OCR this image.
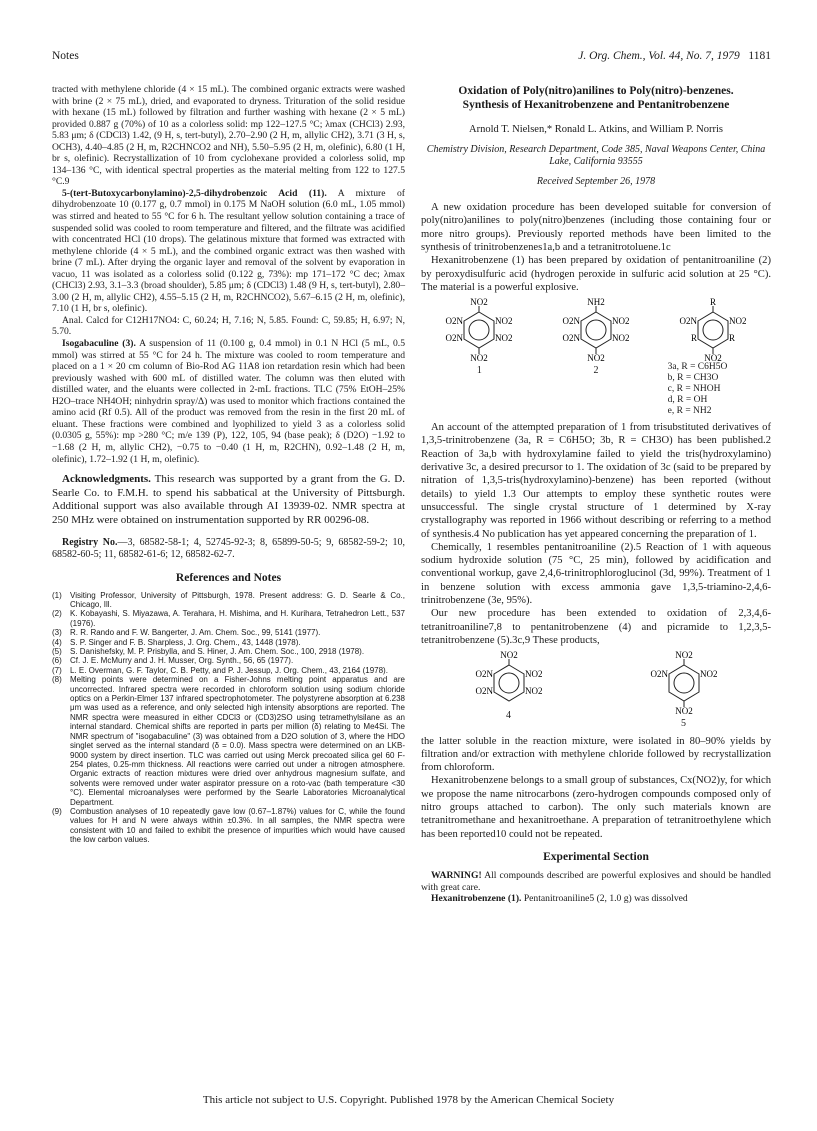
Notes	J. Org. Chem., Vol. 44, No. 7, 1979 1181

tracted with methylene chloride (4 × 15 mL). The combined organic extracts were washed with brine (2 × 75 mL), dried, and evaporated to dryness. Trituration of the solid residue with hexane (15 mL) followed by filtration and further washing with hexane (2 × 5 mL) provided 0.887 g (70%) of 10 as a colorless solid: mp 122–127.5 °C; λmax (CHCl3) 2.93, 5.83 μm; δ (CDCl3) 1.42, (9 H, s, tert-butyl), 2.70–2.90 (2 H, m, allylic CH2), 3.71 (3 H, s, OCH3), 4.40–4.85 (2 H, m, R2CHNCO2 and NH), 5.50–5.95 (2 H, m, olefinic), 6.80 (1 H, br s, olefinic). Recrystallization of 10 from cyclohexane provided a colorless solid, mp 134–136 °C, with identical spectral properties as the material melting from 122 to 127.5 °C.9

5-(tert-Butoxycarbonylamino)-2,5-dihydrobenzoic Acid (11). A mixture of dihydrobenzoate 10 (0.177 g, 0.7 mmol) in 0.175 M NaOH solution (6.0 mL, 1.05 mmol) was stirred and heated to 55 °C for 6 h. The resultant yellow solution containing a trace of suspended solid was cooled to room temperature and filtered, and the filtrate was acidified with concentrated HCl (10 drops). The gelatinous mixture that formed was extracted with methylene chloride (4 × 5 mL), and the combined organic extract was then washed with brine (7 mL). After drying the organic layer and removal of the solvent by evaporation in vacuo, 11 was isolated as a colorless solid (0.122 g, 73%): mp 171–172 °C dec; λmax (CHCl3) 2.93, 3.1–3.3 (broad shoulder), 5.85 μm; δ (CDCl3) 1.48 (9 H, s, tert-butyl), 2.80–3.00 (2 H, m, allylic CH2), 4.55–5.15 (2 H, m, R2CHNCO2), 5.67–6.15 (2 H, m, olefinic), 7.10 (1 H, br s, olefinic).

Anal. Calcd for C12H17NO4: C, 60.24; H, 7.16; N, 5.85. Found: C, 59.85; H, 6.97; N, 5.70.

Isogabaculine (3). A suspension of 11 (0.100 g, 0.4 mmol) in 0.1 N HCl (5 mL, 0.5 mmol) was stirred at 55 °C for 24 h. The mixture was cooled to room temperature and placed on a 1 × 20 cm column of Bio-Rod AG 11A8 ion retardation resin which had been previously washed with 600 mL of distilled water. The column was then eluted with distilled water, and the eluants were collected in 2-mL fractions. TLC (75% EtOH–25% H2O–trace NH4OH; ninhydrin spray/Δ) was used to monitor which fractions contained the amino acid (Rf 0.5). All of the product was removed from the resin in the first 20 mL of eluant. These fractions were combined and lyophilized to yield 3 as a colorless solid (0.0305 g, 55%): mp >280 °C; m/e 139 (P), 122, 105, 94 (base peak); δ (D2O) −1.92 to −1.68 (2 H, m, allylic CH2), −0.75 to −0.40 (1 H, m, R2CHN), 0.92–1.48 (2 H, m, olefinic), 1.72–1.92 (1 H, m, olefinic).

Acknowledgments. This research was supported by a grant from the G. D. Searle Co. to F.M.H. to spend his sabbatical at the University of Pittsburgh. Additional support was also available through AI 13939-02. NMR spectra at 250 MHz were obtained on instrumentation supported by RR 00296-08.

Registry No.—3, 68582-58-1; 4, 52745-92-3; 8, 65899-50-5; 9, 68582-59-2; 10, 68582-60-5; 11, 68582-61-6; 12, 68582-62-7.

References and Notes
(1)	Visiting Professor, University of Pittsburgh, 1978. Present address: G. D. Searle & Co., Chicago, Ill.
(2)	K. Kobayashi, S. Miyazawa, A. Terahara, H. Mishima, and H. Kurihara, Tetrahedron Lett., 537 (1976).
(3)	R. R. Rando and F. W. Bangerter, J. Am. Chem. Soc., 99, 5141 (1977).
(4)	S. P. Singer and F. B. Sharpless, J. Org. Chem., 43, 1448 (1978).
(5)	S. Danishefsky, M. P. Prisbylla, and S. Hiner, J. Am. Chem. Soc., 100, 2918 (1978).
(6)	Cf. J. E. McMurry and J. H. Musser, Org. Synth., 56, 65 (1977).
(7)	L. E. Overman, G. F. Taylor, C. B. Petty, and P. J. Jessup, J. Org. Chem., 43, 2164 (1978).
(8)	Melting points were determined on a Fisher-Johns melting point apparatus and are uncorrected. Infrared spectra were recorded in chloroform solution using sodium chloride optics on a Perkin-Elmer 137 infrared spectrophotometer. The polystyrene absorption at 6.238 μm was used as a reference, and only selected high intensity absorptions are reported. The NMR spectra were measured in either CDCl3 or (CD3)2SO using tetramethylsilane as an internal standard. Chemical shifts are reported in parts per million (δ) relating to Me4Si. The NMR spectrum of "isogabaculine" (3) was obtained from a D2O solution of 3, where the HDO singlet served as the internal standard (δ = 0.0). Mass spectra were determined on an LKB-9000 system by direct insertion. TLC was carried out using Merck precoated silica gel 60 F-254 plates, 0.25-mm thickness. All reactions were carried out under a nitrogen atmosphere. Organic extracts of reaction mixtures were dried over anhydrous magnesium sulfate, and solvents were removed under water aspirator pressure on a roto-vac (bath temperature <30 °C). Elemental microanalyses were performed by the Searle Laboratories Microanalytical Department.
(9)	Combustion analyses of 10 repeatedly gave low (0.67–1.87%) values for C, while the found values for H and N were always within ±0.3%. In all samples, the NMR spectra were consistent with 10 and failed to exhibit the presence of impurities which would have caused the low carbon values.
Oxidation of Poly(nitro)anilines to Poly(nitro)-benzenes. Synthesis of Hexanitrobenzene and Pentanitrobenzene
Arnold T. Nielsen,* Ronald L. Atkins, and William P. Norris
Chemistry Division, Research Department, Code 385, Naval Weapons Center, China Lake, California 93555
Received September 26, 1978

A new oxidation procedure has been developed suitable for conversion of poly(nitro)anilines to poly(nitro)benzenes (including those containing four or more nitro groups). Previously reported methods have been limited to the synthesis of trinitrobenzenes1a,b and a tetranitrotoluene.1c

Hexanitrobenzene (1) has been prepared by oxidation of pentanitroaniline (2) by peroxydisulfuric acid (hydrogen peroxide in sulfuric acid solution at 25 °C). The material is a powerful explosive.

NO2
O2N	NO2
O2N	NO2
NO2
1
NH2
O2N	NO2
O2N	NO2
NO2
2
R
O2N	NO2
R	R
NO2
3a, R = C6H5O
b, R = CH3O
c, R = NHOH
d, R = OH
e, R = NH2

An account of the attempted preparation of 1 from trisubstituted derivatives of 1,3,5-trinitrobenzene (3a, R = C6H5O; 3b, R = CH3O) has been published.2 Reaction of 3a,b with hydroxylamine failed to yield the tris(hydroxylamino) derivative 3c, a desired precursor to 1. The oxidation of 3c (said to be prepared by nitration of 1,3,5-tris(hydroxylamino)-benzene) has been reported (without details) to yield 1.3 Our attempts to employ these synthetic routes were unsuccessful. The single crystal structure of 1 determined by X-ray crystallography was reported in 1966 without describing or referring to a method of synthesis.4 No publication has yet appeared concerning the preparation of 1.

Chemically, 1 resembles pentanitroaniline (2).5 Reaction of 1 with aqueous sodium hydroxide solution (75 °C, 25 min), followed by acidification and conventional workup, gave 2,4,6-trinitrophloroglucinol (3d, 99%). Treatment of 1 in benzene solution with excess ammonia gave 1,3,5-triamino-2,4,6-trinitrobenzene (3e, 95%).

Our new procedure has been extended to oxidation of 2,3,4,6-tetranitroaniline7,8 to pentanitrobenzene (4) and picramide to 1,2,3,5-tetranitrobenzene (5).3c,9 These products,

NO2
O2N	NO2
O2N	NO2
4
NO2
O2N	NO2
NO2
5

the latter soluble in the reaction mixture, were isolated in 80–90% yields by filtration and/or extraction with methylene chloride followed by recrystallization from chloroform.

Hexanitrobenzene belongs to a small group of substances, Cx(NO2)y, for which we propose the name nitrocarbons (zero-hydrogen compounds composed only of nitro groups attached to carbon). The only such materials known are tetranitromethane and hexanitroethane. A preparation of tetranitroethylene which has been reported10 could not be repeated.

Experimental Section

WARNING! All compounds described are powerful explosives and should be handled with great care.

Hexanitrobenzene (1). Pentanitroaniline5 (2, 1.0 g) was dissolved

This article not subject to U.S. Copyright. Published 1978 by the American Chemical Society
